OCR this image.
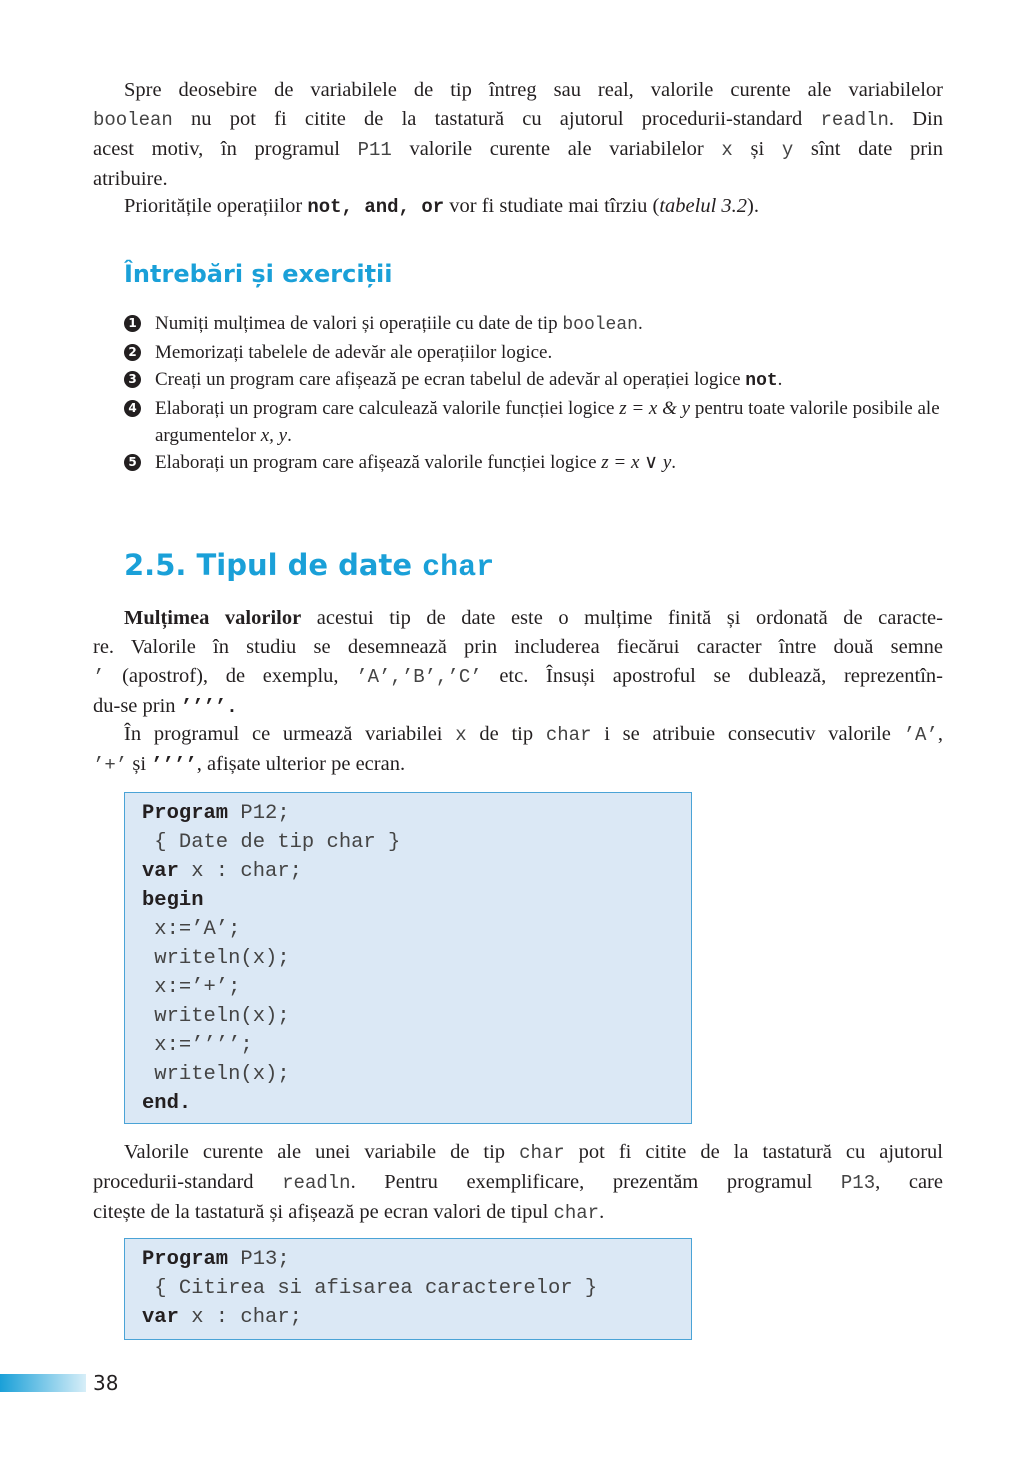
Spre deosebire de variabilele de tip întreg sau real, valorile curente ale variabilelor
boolean nu pot fi citite de la tastatură cu ajutorul procedurii-standard readln. Din
acest motiv, în programul P11 valorile curente ale variabilelor x și y sînt date prin
atribuire.
Prioritățile operațiilor not, and, or vor fi studiate mai tîrziu (tabelul 3.2).
Întrebări și exerciții
1 Numiți mulțimea de valori și operațiile cu date de tip boolean.
2 Memorizați tabelele de adevăr ale operațiilor logice.
3 Creați un program care afișează pe ecran tabelul de adevăr al operației logice not.
4 Elaborați un program care calculează valorile funcției logice z = x & y pentru toate valorile posibile ale argumentelor x, y.
5 Elaborați un program care afișează valorile funcției logice z = x ∨ y.
2.5. Tipul de date char
Mulțimea valorilor acestui tip de date este o mulțime finită și ordonată de caracte-
re. Valorile în studiu se desemnează prin includerea fiecărui caracter între două semne
’ (apostrof), de exemplu, ’A’,’B’,’C’ etc. Însuși apostroful se dublează, reprezentîn-
du-se prin ’’’’.
În programul ce urmează variabilei x de tip char i se atribuie consecutiv valorile ’A’,
’+’ și ’’’’, afișate ulterior pe ecran.
Program P12;
{ Date de tip char }
var x : char;
begin
x:=’A’;
writeln(x);
x:=’+’;
writeln(x);
x:=’’’’;
writeln(x);
end.
Valorile curente ale unei variabile de tip char pot fi citite de la tastatură cu ajutorul
procedurii-standard readln. Pentru exemplificare, prezentăm programul P13, care
citește de la tastatură și afișează pe ecran valori de tipul char.
Program P13;
{ Citirea si afisarea caracterelor }
var x : char;
38
